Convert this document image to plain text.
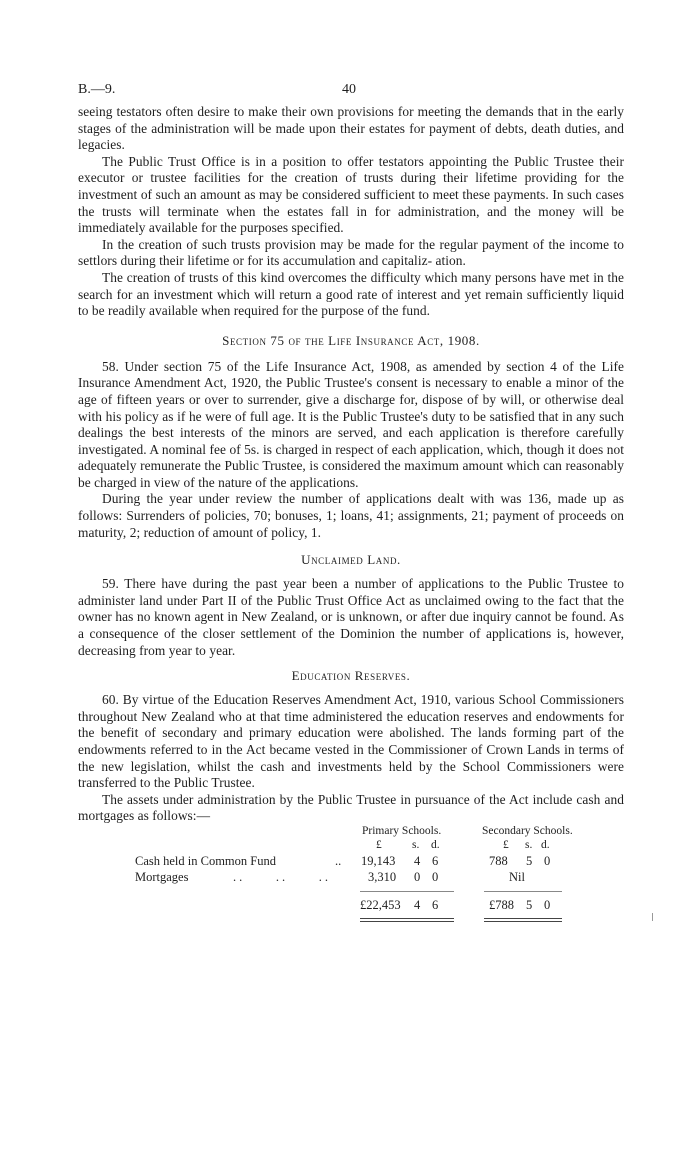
B.—9.	40

seeing testators often desire to make their own provisions for meeting the demands that in the early stages of the administration will be made upon their estates for payment of debts, death duties, and legacies.

The Public Trust Office is in a position to offer testators appointing the Public Trustee their executor or trustee facilities for the creation of trusts during their lifetime providing for the investment of such an amount as may be considered sufficient to meet these payments. In such cases the trusts will terminate when the estates fall in for administration, and the money will be immediately available for the purposes specified.

In the creation of such trusts provision may be made for the regular payment of the income to settlors during their lifetime or for its accumulation and capitaliz- ation.

The creation of trusts of this kind overcomes the difficulty which many persons have met in the search for an investment which will return a good rate of interest and yet remain sufficiently liquid to be readily available when required for the purpose of the fund.

Section 75 of the Life Insurance Act, 1908.

58. Under section 75 of the Life Insurance Act, 1908, as amended by section 4 of the Life Insurance Amendment Act, 1920, the Public Trustee's consent is necessary to enable a minor of the age of fifteen years or over to surrender, give a discharge for, dispose of by will, or otherwise deal with his policy as if he were of full age. It is the Public Trustee's duty to be satisfied that in any such dealings the best interests of the minors are served, and each application is therefore carefully investigated. A nominal fee of 5s. is charged in respect of each application, which, though it does not adequately remunerate the Public Trustee, is considered the maximum amount which can reasonably be charged in view of the nature of the applications.

During the year under review the number of applications dealt with was 136, made up as follows: Surrenders of policies, 70; bonuses, 1; loans, 41; assignments, 21; payment of proceeds on maturity, 2; reduction of amount of policy, 1.

Unclaimed Land.

59. There have during the past year been a number of applications to the Public Trustee to administer land under Part II of the Public Trust Office Act as unclaimed owing to the fact that the owner has no known agent in New Zealand, or is unknown, or after due inquiry cannot be found. As a consequence of the closer settlement of the Dominion the number of applications is, however, decreasing from year to year.

Education Reserves.

60. By virtue of the Education Reserves Amendment Act, 1910, various School Commissioners throughout New Zealand who at that time administered the education reserves and endowments for the benefit of secondary and primary education were abolished. The lands forming part of the endowments referred to in the Act became vested in the Commissioner of Crown Lands in terms of the new legislation, whilst the cash and investments held by the School Commissioners were transferred to the Public Trustee.

The assets under administration by the Public Trustee in pursuance of the Act include cash and mortgages as follows:—

Primary Schools.	Secondary Schools.
£	s. d.	£ s. d.
Cash held in Common Fund	.. 19,143 4 6	788 5 0
Mortgages	..     ..     ..	3,310 0 0	Nil
£22,453 4 6	£788 5 0
